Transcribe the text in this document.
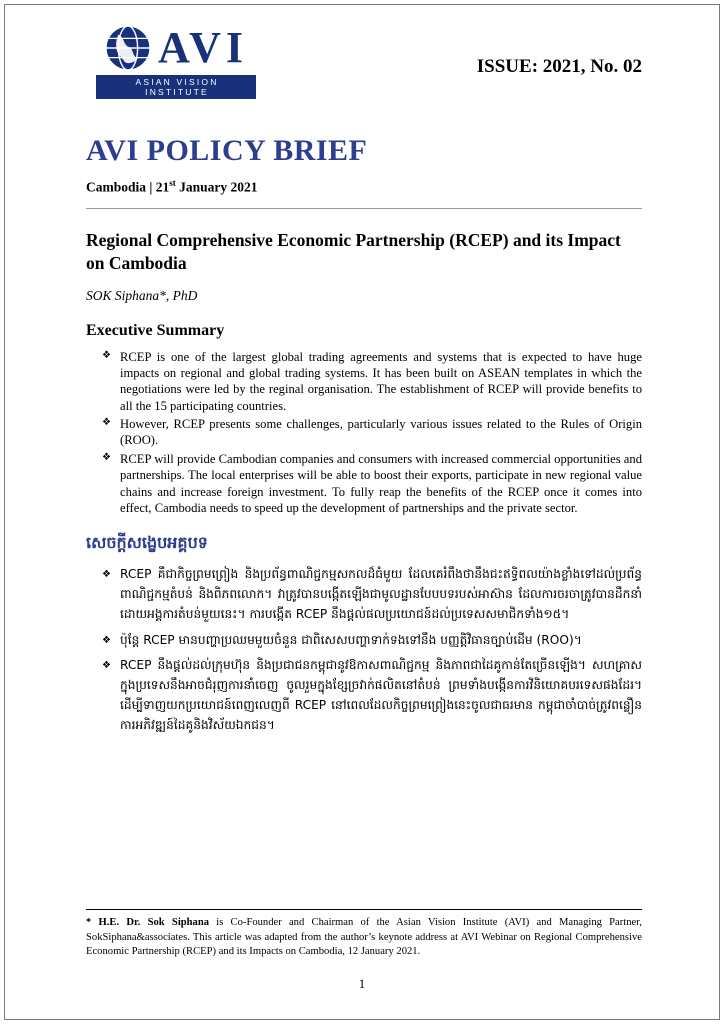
AVI
ASIAN VISION INSTITUTE
ISSUE: 2021, No. 02
AVI POLICY BRIEF
Cambodia | 21st January 2021
Regional Comprehensive Economic Partnership (RCEP) and its Impact on Cambodia
SOK Siphana*, PhD
Executive Summary
❖ RCEP is one of the largest global trading agreements and systems that is expected to have huge impacts on regional and global trading systems. It has been built on ASEAN templates in which the negotiations were led by the reginal organisation. The establishment of RCEP will provide benefits to all the 15 participating countries.
❖ However, RCEP presents some challenges, particularly various issues related to the Rules of Origin (ROO).
❖ RCEP will provide Cambodian companies and consumers with increased commercial opportunities and partnerships. The local enterprises will be able to boost their exports, participate in new regional value chains and increase foreign investment. To fully reap the benefits of the RCEP once it comes into effect, Cambodia needs to speed up the development of partnerships and the private sector.
សេចក្តីសង្ខេបអគ្គបទ
❖ RCEP គឺជាកិច្ចព្រមព្រៀង និងប្រព័ន្ធពាណិជ្ជកម្មសកលដ៏ធំមួយ ដែលគេរំពឹងថានឹងជះឥទ្ធិពលយ៉ាងខ្លាំងទៅដល់ប្រព័ន្ធពាណិជ្ជកម្មតំបន់ និងពិភពលោក។ វាត្រូវបានបង្កើតឡើងជាមូលដ្ឋានបែបបទរបស់អាស៊ាន ដែលការចរចាត្រូវបានដឹកនាំដោយអង្គការតំបន់មួយនេះ។ ការបង្កើត RCEP នឹងផ្តល់ផលប្រយោជន៍ដល់ប្រទេសសមាជិកទាំង១៥។
❖ ប៉ុន្តែ RCEP មានបញ្ហាប្រឈមមួយចំនួន ជាពិសេសបញ្ហាទាក់ទងទៅនឹង បញ្ញត្តិវិធានច្បាប់ដើម (ROO)។
❖ RCEP នឹងផ្តល់ដល់ក្រុមហ៊ុន និងប្រជាជនកម្ពុជានូវឱកាសពាណិជ្ជកម្ម និងភាពជាដៃគូកាន់តែច្រើនឡើង។ សហគ្រាសក្នុងប្រទេសនឹងអាចជំរុញការនាំចេញ ចូលរួមក្នុងខ្សែច្រវាក់ផលិតនៅតំបន់ ព្រមទាំងបង្កើនការវិនិយោគបរទេសផងដែរ។ ដើម្បីទាញយកប្រយោជន៍ពេញលេញពី RCEP នៅពេលដែលកិច្ចព្រមព្រៀងនេះចូលជាធរមាន កម្ពុជាចាំបាច់ត្រូវពន្លឿនការអភិវឌ្ឍន៍ដៃគូនិងវិស័យឯកជន។
* H.E. Dr. Sok Siphana is Co-Founder and Chairman of the Asian Vision Institute (AVI) and Managing Partner, SokSiphana&associates. This article was adapted from the author’s keynote address at AVI Webinar on Regional Comprehensive Economic Partnership (RCEP) and its Impacts on Cambodia, 12 January 2021.
1
